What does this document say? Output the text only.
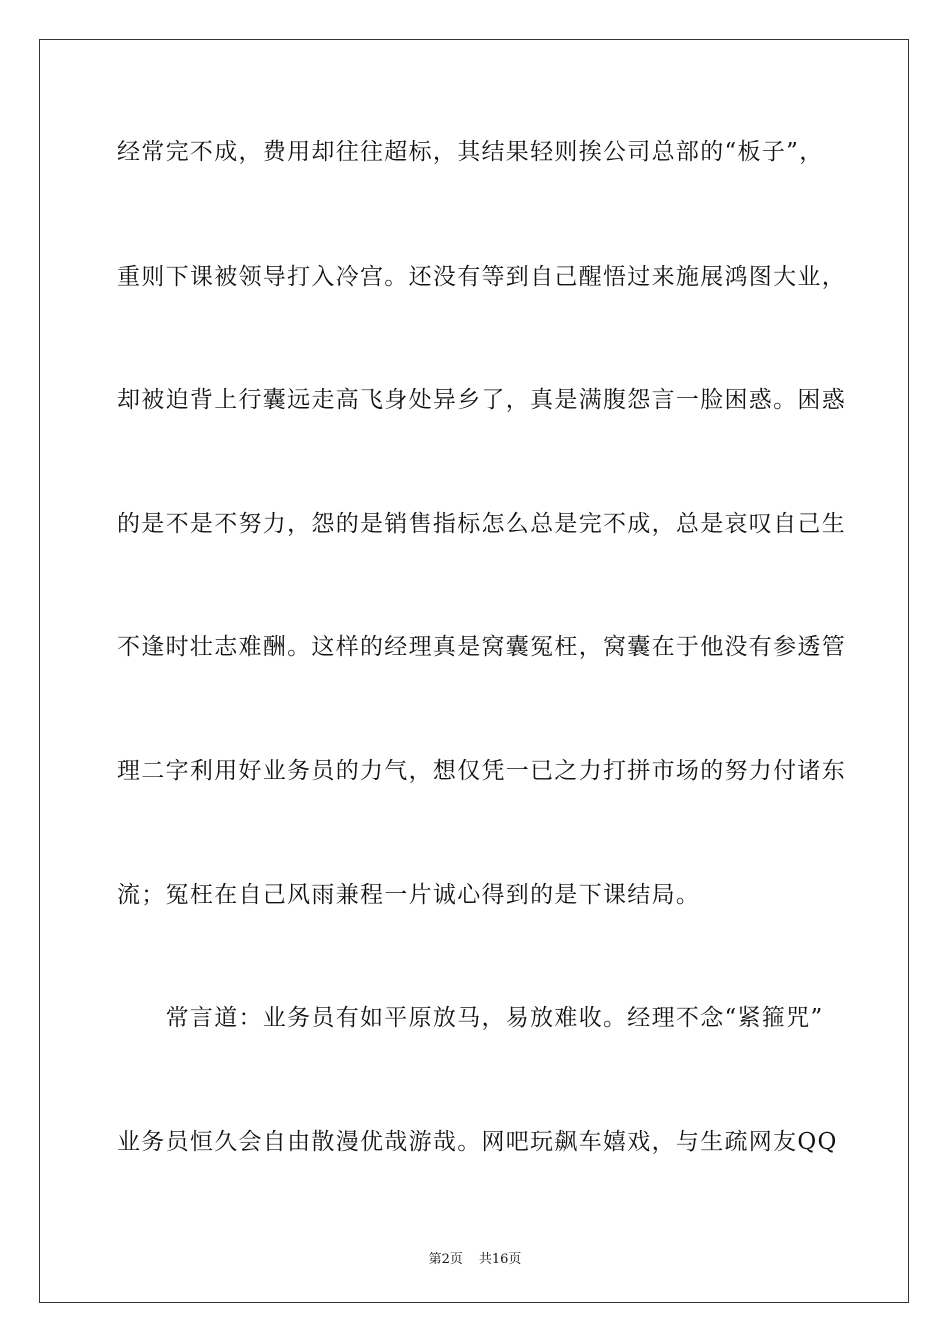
经常完不成，费用却往往超标，其结果轻则挨公司总部的“板子”，
重则下课被领导打入冷宫。还没有等到自己醒悟过来施展鸿图大业，
却被迫背上行囊远走高飞身处异乡了，真是满腹怨言一脸困惑。困惑
的是不是不努力，怨的是销售指标怎么总是完不成，总是哀叹自己生
不逢时壮志难酬。这样的经理真是窝囊冤枉，窝囊在于他没有参透管
理二字利用好业务员的力气，想仅凭一已之力打拼市场的努力付诸东
流；冤枉在自己风雨兼程一片诚心得到的是下课结局。
　　常言道：业务员有如平原放马，易放难收。经理不念“紧箍咒”
业务员恒久会自由散漫优哉游哉。网吧玩飙车嬉戏，与生疏网友QQ
第2页 共16页
